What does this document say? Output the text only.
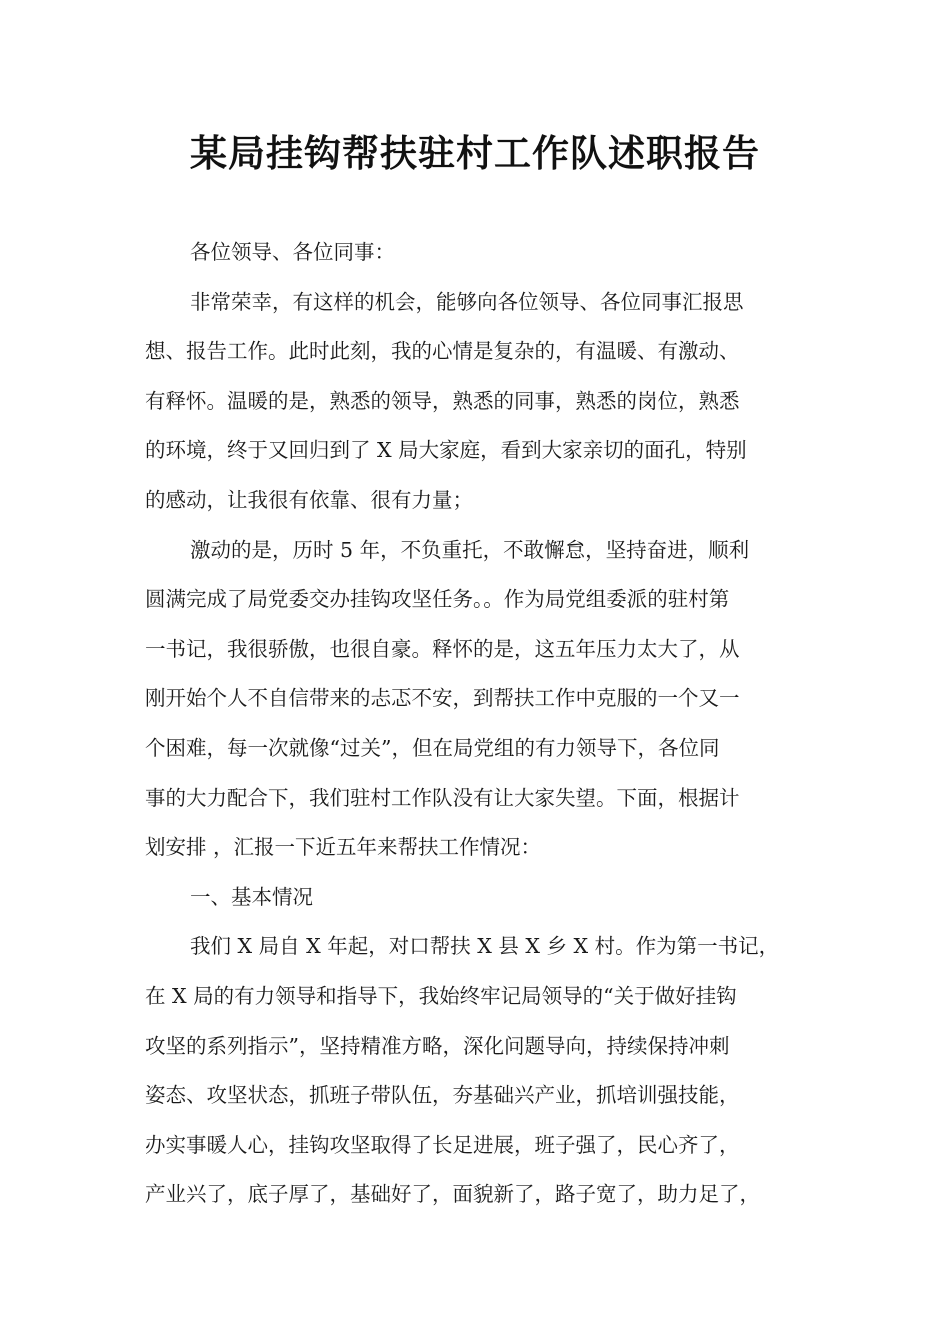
某局挂钩帮扶驻村工作队述职报告
各位领导、各位同事：
非常荣幸，有这样的机会，能够向各位领导、各位同事汇报思
想、报告工作。此时此刻，我的心情是复杂的，有温暖、有激动、
有释怀。温暖的是，熟悉的领导，熟悉的同事，熟悉的岗位，熟悉
的环境，终于又回归到了 X 局大家庭，看到大家亲切的面孔，特别
的感动，让我很有依靠、很有力量；
激动的是，历时 5 年，不负重托，不敢懈怠，坚持奋进，顺利
圆满完成了局党委交办挂钩攻坚任务。。作为局党组委派的驻村第
一书记，我很骄傲，也很自豪。释怀的是，这五年压力太大了，从
刚开始个人不自信带来的忐忑不安，到帮扶工作中克服的一个又一
个困难，每一次就像“过关”，但在局党组的有力领导下，各位同
事的大力配合下，我们驻村工作队没有让大家失望。下面，根据计
划安排 ，汇报一下近五年来帮扶工作情况：
一、基本情况
我们 X 局自 X 年起，对口帮扶 X 县 X 乡 X 村。作为第一书记，
在 X 局的有力领导和指导下，我始终牢记局领导的“关于做好挂钩
攻坚的系列指示”，坚持精准方略，深化问题导向，持续保持冲刺
姿态、攻坚状态，抓班子带队伍，夯基础兴产业，抓培训强技能，
办实事暖人心，挂钩攻坚取得了长足进展，班子强了，民心齐了，
产业兴了，底子厚了，基础好了，面貌新了，路子宽了，助力足了，
